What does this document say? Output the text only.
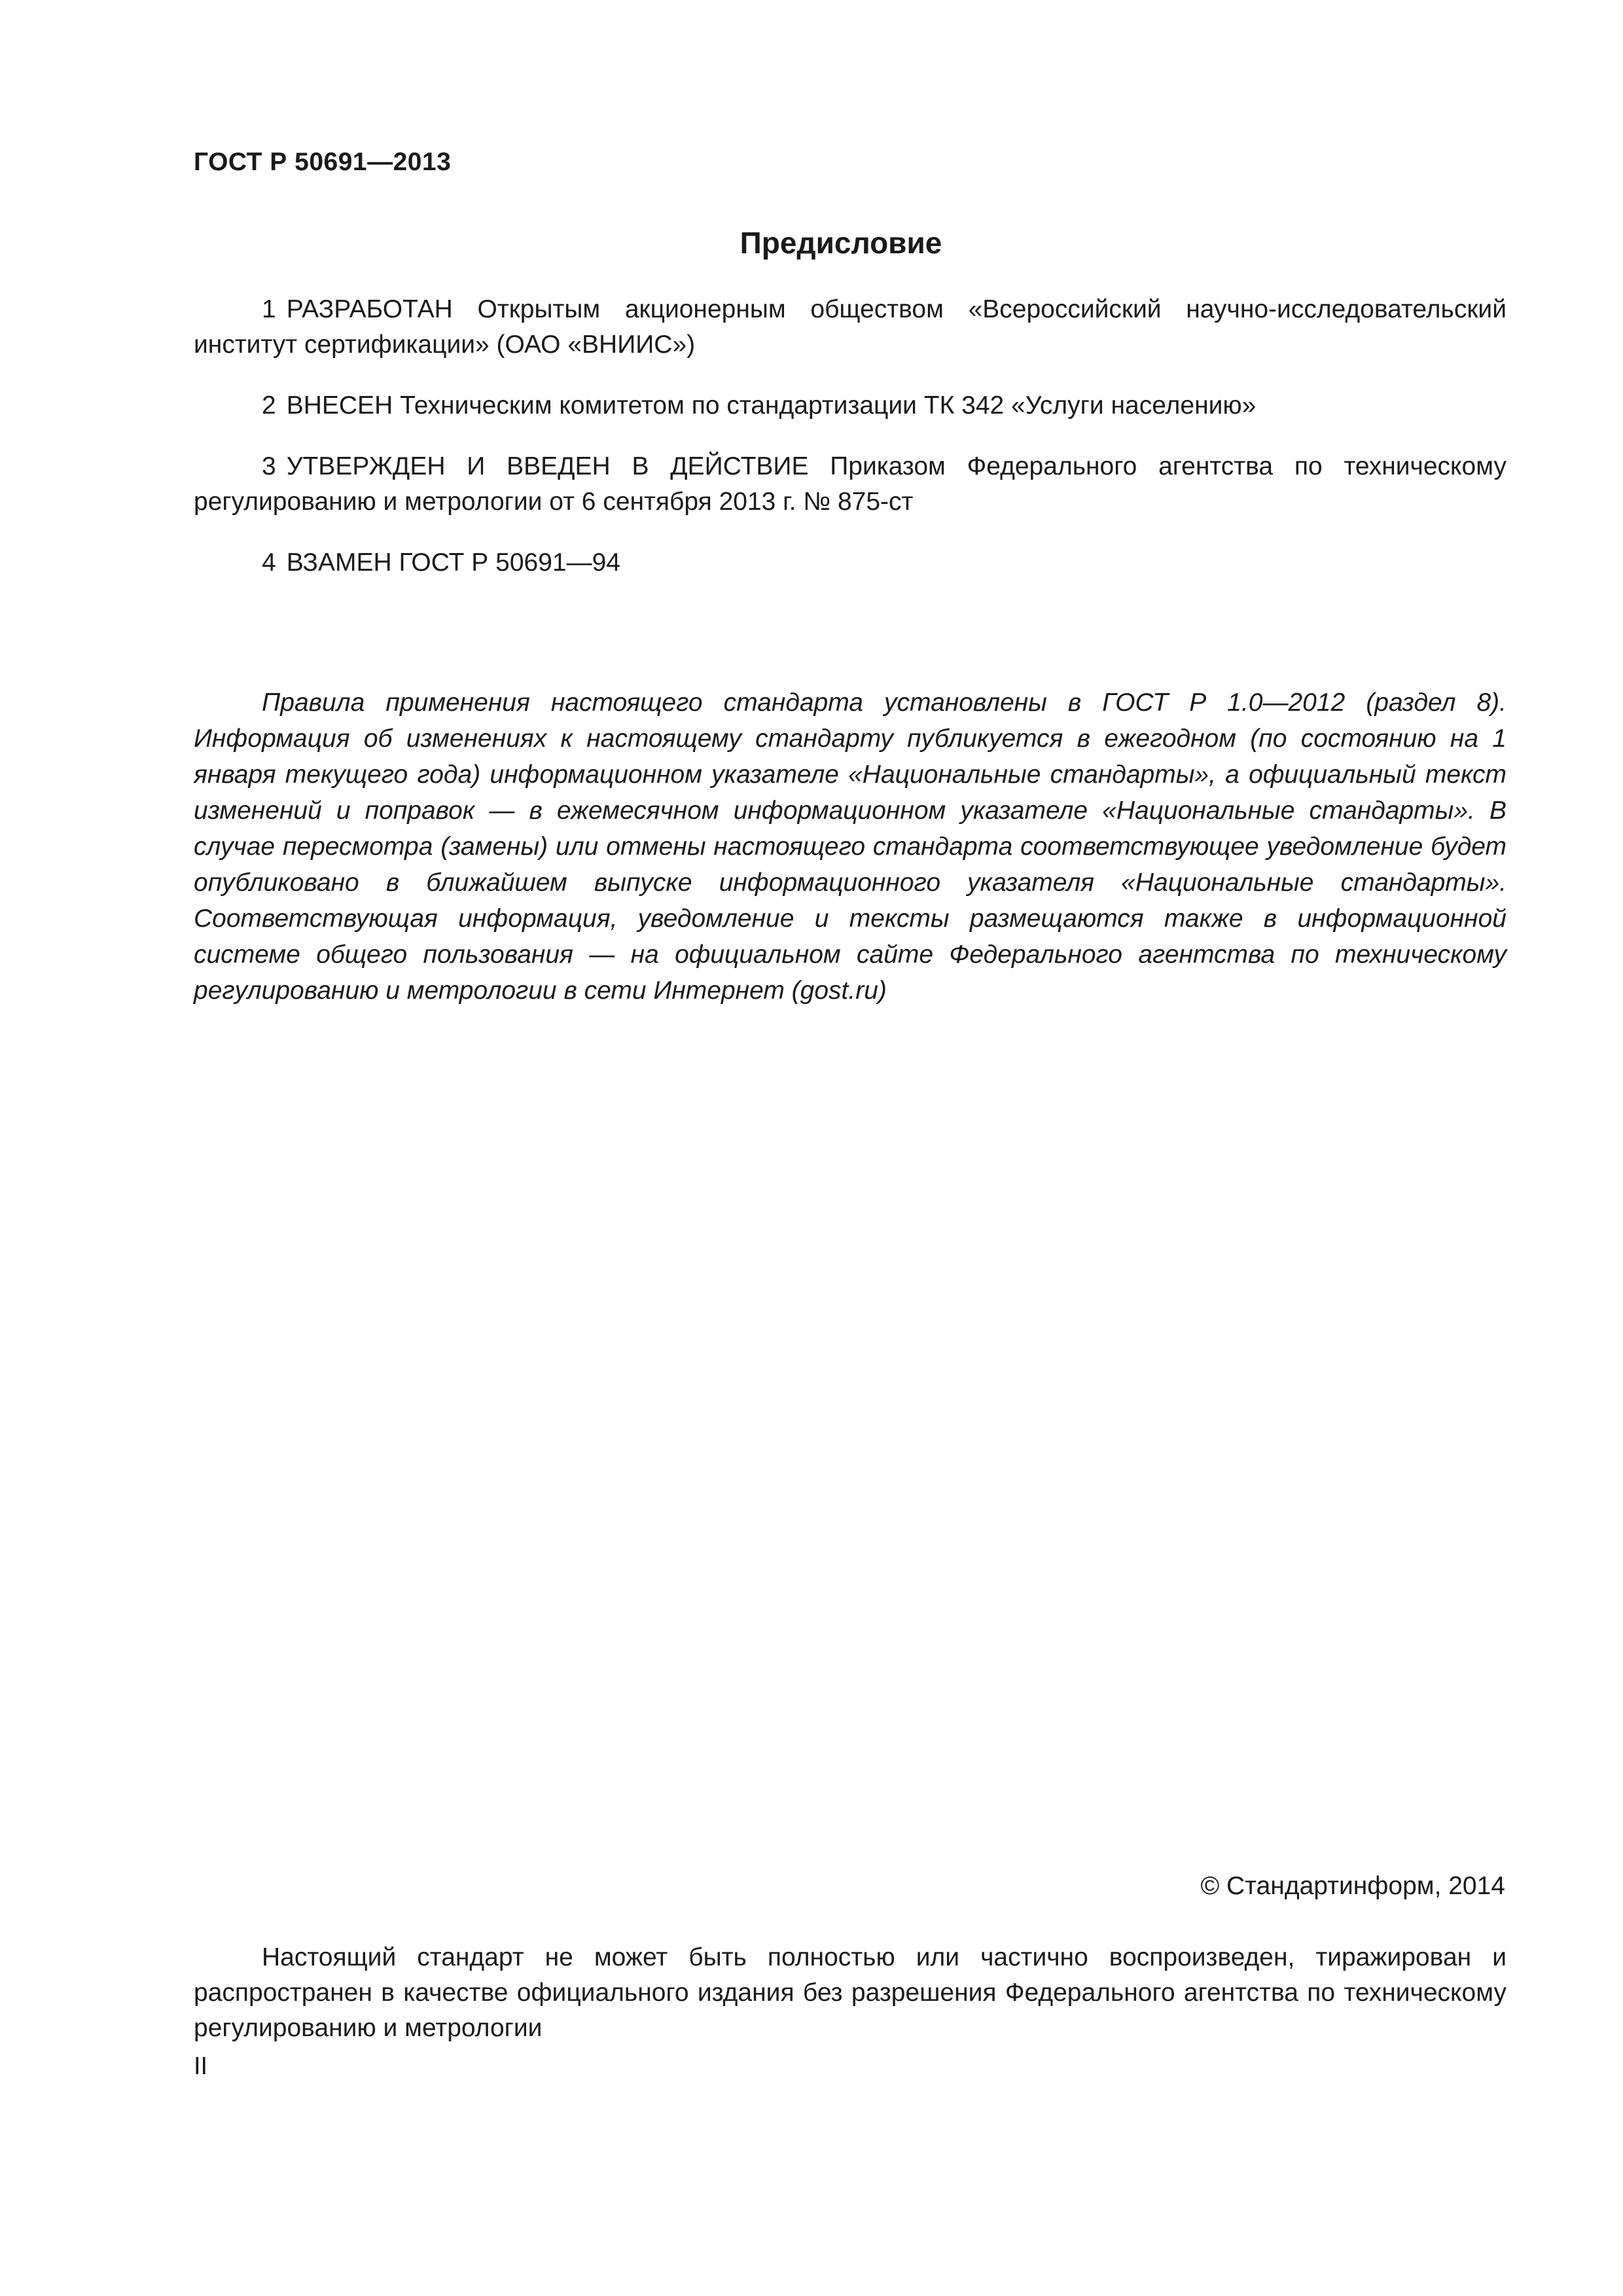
ГОСТ Р 50691—2013
Предисловие

1 РАЗРАБОТАН Открытым акционерным обществом «Всероссийский научно-исследовательский институт сертификации» (ОАО «ВНИИС»)

2 ВНЕСЕН Техническим комитетом по стандартизации ТК 342 «Услуги населению»

3 УТВЕРЖДЕН И ВВЕДЕН В ДЕЙСТВИЕ Приказом Федерального агентства по техническому регулированию и метрологии от 6 сентября 2013 г. № 875-ст

4 ВЗАМЕН ГОСТ Р 50691—94

Правила применения настоящего стандарта установлены в ГОСТ Р 1.0—2012 (раздел 8). Информация об изменениях к настоящему стандарту публикуется в ежегодном (по состоянию на 1 января текущего года) информационном указателе «Национальные стандарты», а официальный текст изменений и поправок — в ежемесячном информационном указателе «Национальные стандарты». В случае пересмотра (замены) или отмены настоящего стандарта соответствующее уведомление будет опубликовано в ближайшем выпуске информационного указателя «Национальные стандарты». Соответствующая информация, уведомление и тексты размещаются также в информационной системе общего пользования — на официальном сайте Федерального агентства по техническому регулированию и метрологии в сети Интернет (gost.ru)

© Стандартинформ, 2014

Настоящий стандарт не может быть полностью или частично воспроизведен, тиражирован и распространен в качестве официального издания без разрешения Федерального агентства по техническому регулированию и метрологии

II
